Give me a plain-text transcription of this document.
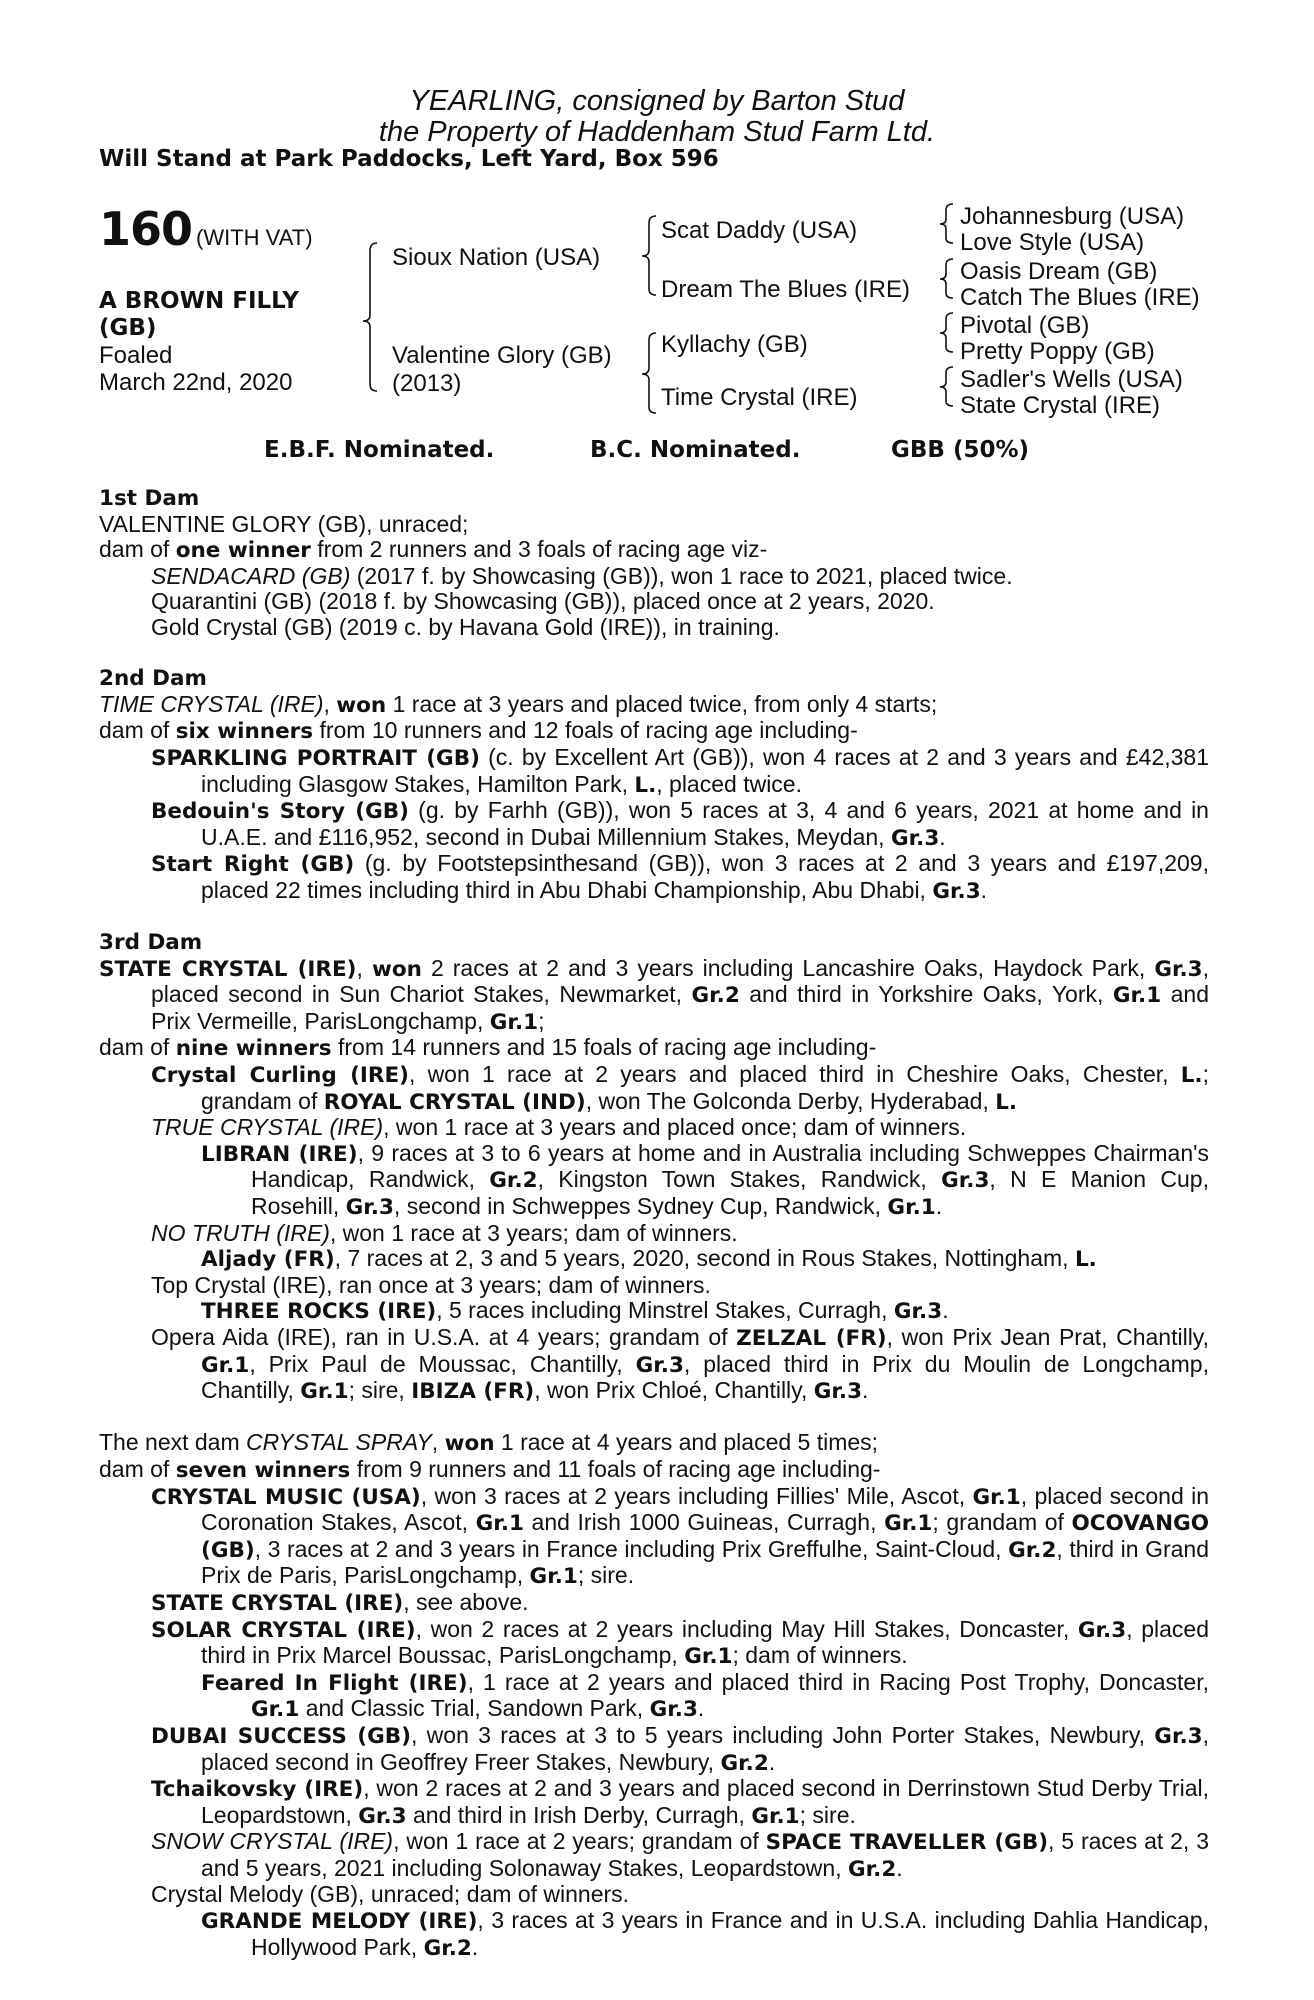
YEARLING, consigned by Barton Stud
the Property of Haddenham Stud Farm Ltd.
Will Stand at Park Paddocks, Left Yard, Box 596
160 (WITH VAT)
A BROWN FILLY
(GB)
Foaled
March 22nd, 2020
Sioux Nation (USA)
Valentine Glory (GB)
(2013)
Scat Daddy (USA)
Dream The Blues (IRE)
Kyllachy (GB)
Time Crystal (IRE)
Johannesburg (USA)
Love Style (USA)
Oasis Dream (GB)
Catch The Blues (IRE)
Pivotal (GB)
Pretty Poppy (GB)
Sadler's Wells (USA)
State Crystal (IRE)
E.B.F. Nominated.	B.C. Nominated.	GBB (50%)
1st Dam

VALENTINE GLORY (GB), unraced;

dam of one winner from 2 runners and 3 foals of racing age viz-

SENDACARD (GB) (2017 f. by Showcasing (GB)), won 1 race to 2021, placed twice.

Quarantini (GB) (2018 f. by Showcasing (GB)), placed once at 2 years, 2020.

Gold Crystal (GB) (2019 c. by Havana Gold (IRE)), in training.

2nd Dam

TIME CRYSTAL (IRE), won 1 race at 3 years and placed twice, from only 4 starts;

dam of six winners from 10 runners and 12 foals of racing age including-

SPARKLING PORTRAIT (GB) (c. by Excellent Art (GB)), won 4 races at 2 and 3 years and £42,381 including Glasgow Stakes, Hamilton Park, L., placed twice.

Bedouin's Story (GB) (g. by Farhh (GB)), won 5 races at 3, 4 and 6 years, 2021 at home and in U.A.E. and £116,952, second in Dubai Millennium Stakes, Meydan, Gr.3.

Start Right (GB) (g. by Footstepsinthesand (GB)), won 3 races at 2 and 3 years and £197,209, placed 22 times including third in Abu Dhabi Championship, Abu Dhabi, Gr.3.

3rd Dam

STATE CRYSTAL (IRE), won 2 races at 2 and 3 years including Lancashire Oaks, Haydock Park, Gr.3, placed second in Sun Chariot Stakes, Newmarket, Gr.2 and third in Yorkshire Oaks, York, Gr.1 and Prix Vermeille, ParisLongchamp, Gr.1;

dam of nine winners from 14 runners and 15 foals of racing age including-

Crystal Curling (IRE), won 1 race at 2 years and placed third in Cheshire Oaks, Chester, L.; grandam of ROYAL CRYSTAL (IND), won The Golconda Derby, Hyderabad, L.

TRUE CRYSTAL (IRE), won 1 race at 3 years and placed once; dam of winners.

LIBRAN (IRE), 9 races at 3 to 6 years at home and in Australia including Schweppes Chairman's Handicap, Randwick, Gr.2, Kingston Town Stakes, Randwick, Gr.3, N E Manion Cup, Rosehill, Gr.3, second in Schweppes Sydney Cup, Randwick, Gr.1.

NO TRUTH (IRE), won 1 race at 3 years; dam of winners.

Aljady (FR), 7 races at 2, 3 and 5 years, 2020, second in Rous Stakes, Nottingham, L.

Top Crystal (IRE), ran once at 3 years; dam of winners.

THREE ROCKS (IRE), 5 races including Minstrel Stakes, Curragh, Gr.3.

Opera Aida (IRE), ran in U.S.A. at 4 years; grandam of ZELZAL (FR), won Prix Jean Prat, Chantilly, Gr.1, Prix Paul de Moussac, Chantilly, Gr.3, placed third in Prix du Moulin de Longchamp, Chantilly, Gr.1; sire, IBIZA (FR), won Prix Chloé, Chantilly, Gr.3.

The next dam CRYSTAL SPRAY, won 1 race at 4 years and placed 5 times;

dam of seven winners from 9 runners and 11 foals of racing age including-

CRYSTAL MUSIC (USA), won 3 races at 2 years including Fillies' Mile, Ascot, Gr.1, placed second in Coronation Stakes, Ascot, Gr.1 and Irish 1000 Guineas, Curragh, Gr.1; grandam of OCOVANGO (GB), 3 races at 2 and 3 years in France including Prix Greffulhe, Saint-Cloud, Gr.2, third in Grand Prix de Paris, ParisLongchamp, Gr.1; sire.

STATE CRYSTAL (IRE), see above.

SOLAR CRYSTAL (IRE), won 2 races at 2 years including May Hill Stakes, Doncaster, Gr.3, placed third in Prix Marcel Boussac, ParisLongchamp, Gr.1; dam of winners.

Feared In Flight (IRE), 1 race at 2 years and placed third in Racing Post Trophy, Doncaster, Gr.1 and Classic Trial, Sandown Park, Gr.3.

DUBAI SUCCESS (GB), won 3 races at 3 to 5 years including John Porter Stakes, Newbury, Gr.3, placed second in Geoffrey Freer Stakes, Newbury, Gr.2.

Tchaikovsky (IRE), won 2 races at 2 and 3 years and placed second in Derrinstown Stud Derby Trial, Leopardstown, Gr.3 and third in Irish Derby, Curragh, Gr.1; sire.

SNOW CRYSTAL (IRE), won 1 race at 2 years; grandam of SPACE TRAVELLER (GB), 5 races at 2, 3 and 5 years, 2021 including Solonaway Stakes, Leopardstown, Gr.2.

Crystal Melody (GB), unraced; dam of winners.

GRANDE MELODY (IRE), 3 races at 3 years in France and in U.S.A. including Dahlia Handicap, Hollywood Park, Gr.2.
